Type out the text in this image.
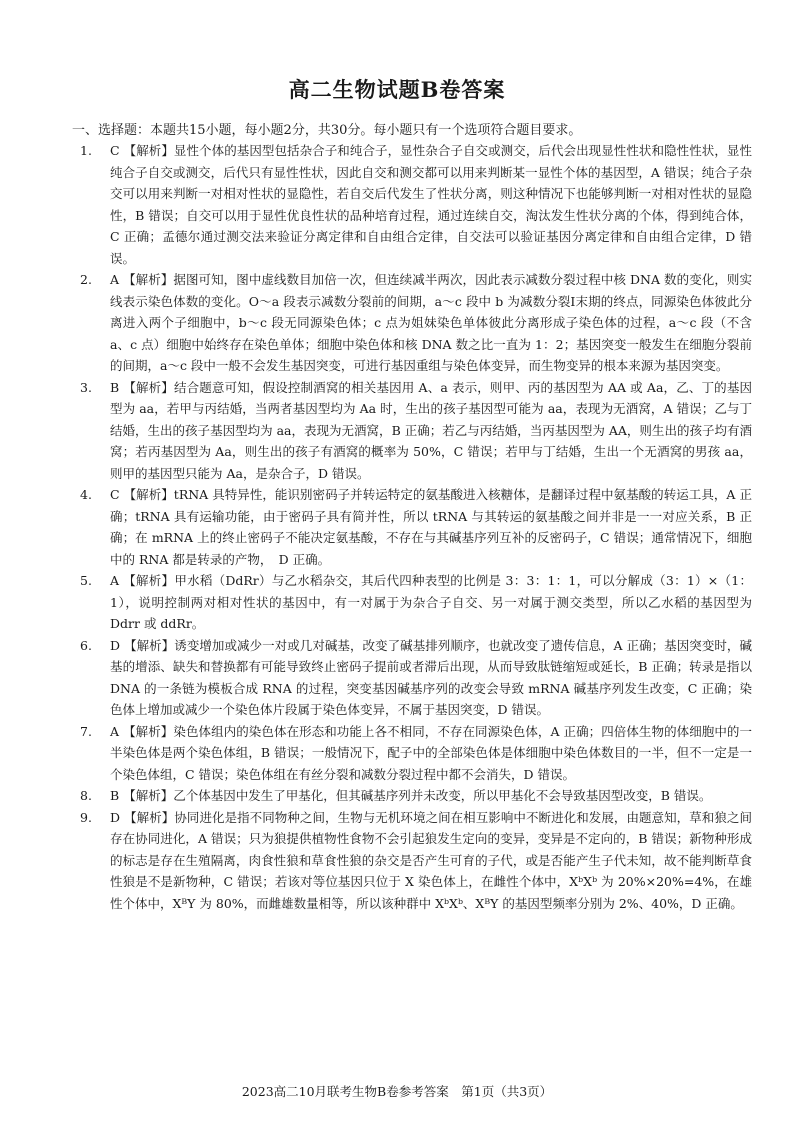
高二生物试题B卷答案
一、选择题：本题共15小题，每小题2分，共30分。每小题只有一个选项符合题目要求。
1.	C 【解析】显性个体的基因型包括杂合子和纯合子，显性杂合子自交或测交，后代会出现显性性状和隐性性状，显性纯合子自交或测交，后代只有显性性状，因此自交和测交都可以用来判断某一显性个体的基因型，A 错误；纯合子杂交可以用来判断一对相对性状的显隐性，若自交后代发生了性状分离，则这种情况下也能够判断一对相对性状的显隐性，B 错误；自交可以用于显性优良性状的品种培育过程，通过连续自交，淘汰发生性状分离的个体，得到纯合体，C 正确；孟德尔通过测交法来验证分离定律和自由组合定律，自交法可以验证基因分离定律和自由组合定律，D 错误。
2.	A 【解析】据图可知，图中虚线数目加倍一次，但连续减半两次，因此表示减数分裂过程中核 DNA 数的变化，则实线表示染色体数的变化。O～a 段表示减数分裂前的间期，a～c 段中 b 为减数分裂Ⅰ末期的终点，同源染色体彼此分离进入两个子细胞中，b～c 段无同源染色体；c 点为姐妹染色单体彼此分离形成子染色体的过程，a～c 段（不含 a、c 点）细胞中始终存在染色单体；细胞中染色体和核 DNA 数之比一直为 1：2；基因突变一般发生在细胞分裂前的间期，a～c 段中一般不会发生基因突变，可进行基因重组与染色体变异，而生物变异的根本来源为基因突变。
3.	B 【解析】结合题意可知，假设控制酒窝的相关基因用 A、a 表示，则甲、丙的基因型为 AA 或 Aa，乙、丁的基因型为 aa，若甲与丙结婚，当两者基因型均为 Aa 时，生出的孩子基因型可能为 aa，表现为无酒窝，A 错误；乙与丁结婚，生出的孩子基因型均为 aa，表现为无酒窝，B 正确；若乙与丙结婚，当丙基因型为 AA，则生出的孩子均有酒窝；若丙基因型为 Aa，则生出的孩子有酒窝的概率为 50%，C 错误；若甲与丁结婚，生出一个无酒窝的男孩 aa，则甲的基因型只能为 Aa，是杂合子，D 错误。
4.	C 【解析】tRNA 具特异性，能识别密码子并转运特定的氨基酸进入核糖体，是翻译过程中氨基酸的转运工具，A 正确；tRNA 具有运输功能，由于密码子具有简并性，所以 tRNA 与其转运的氨基酸之间并非是一一对应关系，B 正确；在 mRNA 上的终止密码子不能决定氨基酸，不存在与其碱基序列互补的反密码子，C 错误；通常情况下，细胞中的 RNA 都是转录的产物，　D 正确。
5.	A 【解析】甲水稻（DdRr）与乙水稻杂交，其后代四种表型的比例是 3：3：1：1，可以分解成（3：1）×（1：1），说明控制两对相对性状的基因中，有一对属于为杂合子自交、另一对属于测交类型，所以乙水稻的基因型为 Ddrr 或 ddRr。
6.	D 【解析】诱变增加或减少一对或几对碱基，改变了碱基排列顺序，也就改变了遗传信息，A 正确；基因突变时，碱基的增添、缺失和替换都有可能导致终止密码子提前或者滞后出现，从而导致肽链缩短或延长，B 正确；转录是指以 DNA 的一条链为模板合成 RNA 的过程，突变基因碱基序列的改变会导致 mRNA 碱基序列发生改变，C 正确；染色体上增加或减少一个染色体片段属于染色体变异，不属于基因突变，D 错误。
7.	A 【解析】染色体组内的染色体在形态和功能上各不相同，不存在同源染色体，A 正确；四倍体生物的体细胞中的一半染色体是两个染色体组，B 错误；一般情况下，配子中的全部染色体是体细胞中染色体数目的一半，但不一定是一个染色体组，C 错误；染色体组在有丝分裂和减数分裂过程中都不会消失，D 错误。
8.	B 【解析】乙个体基因中发生了甲基化，但其碱基序列并未改变，所以甲基化不会导致基因型改变，B 错误。
9.	D 【解析】协同进化是指不同物种之间，生物与无机环境之间在相互影响中不断进化和发展，由题意知，草和狼之间存在协同进化，A 错误；只为狼提供植物性食物不会引起狼发生定向的变异，变异是不定向的，B 错误；新物种形成的标志是存在生殖隔离，肉食性狼和草食性狼的杂交是否产生可育的子代，或是否能产生子代未知，故不能判断草食性狼是不是新物种，C 错误；若该对等位基因只位于 X 染色体上，在雌性个体中，XᵇXᵇ 为 20%×20%=4%，在雄性个体中，XᴮY 为 80%，而雌雄数量相等，所以该种群中 XᵇXᵇ、XᴮY 的基因型频率分别为 2%、40%，D 正确。
2023高二10月联考生物B卷参考答案　第1页（共3页）
